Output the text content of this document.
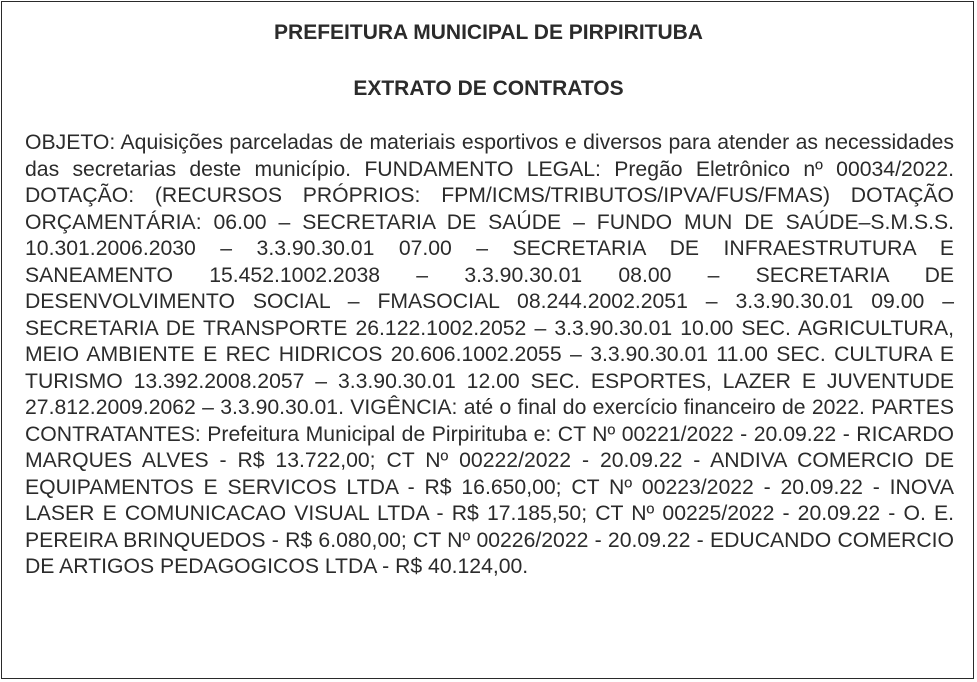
PREFEITURA MUNICIPAL DE PIRPIRITUBA
EXTRATO DE CONTRATOS

OBJETO: Aquisições parceladas de materiais esportivos e diversos para atender as necessidades das secretarias deste município. FUNDAMENTO LEGAL: Pregão Eletrônico nº 00034/2022. DOTAÇÃO: (RECURSOS PRÓPRIOS: FPM/ICMS/TRIBUTOS/IPVA/FUS/FMAS) DOTAÇÃO ORÇAMENTÁRIA: 06.00 – SECRETARIA DE SAÚDE – FUNDO MUN DE SAÚDE–S.M.S.S. 10.301.2006.2030 – 3.3.90.30.01 07.00 – SECRETARIA DE INFRAESTRUTURA E SANEAMENTO 15.452.1002.2038 – 3.3.90.30.01 08.00 – SECRETARIA DE DESENVOLVIMENTO SOCIAL – FMASOCIAL 08.244.2002.2051 – 3.3.90.30.01 09.00 – SECRETARIA DE TRANSPORTE 26.122.1002.2052 – 3.3.90.30.01 10.00 SEC. AGRICULTURA, MEIO AMBIENTE E REC HIDRICOS 20.606.1002.2055 – 3.3.90.30.01 11.00 SEC. CULTURA E TURISMO 13.392.2008.2057 – 3.3.90.30.01 12.00 SEC. ESPORTES, LAZER E JUVENTUDE 27.812.2009.2062 – 3.3.90.30.01. VIGÊNCIA: até o final do exercício financeiro de 2022. PARTES CONTRATANTES: Prefeitura Municipal de Pirpirituba e: CT Nº 00221/2022 - 20.09.22 - RICARDO MARQUES ALVES - R$ 13.722,00; CT Nº 00222/2022 - 20.09.22 - ANDIVA COMERCIO DE EQUIPAMENTOS E SERVICOS LTDA - R$ 16.650,00; CT Nº 00223/2022 - 20.09.22 - INOVA LASER E COMUNICACAO VISUAL LTDA - R$ 17.185,50; CT Nº 00225/2022 - 20.09.22 - O. E. PEREIRA BRINQUEDOS - R$ 6.080,00; CT Nº 00226/2022 - 20.09.22 - EDUCANDO COMERCIO DE ARTIGOS PEDAGOGICOS LTDA - R$ 40.124,00.
